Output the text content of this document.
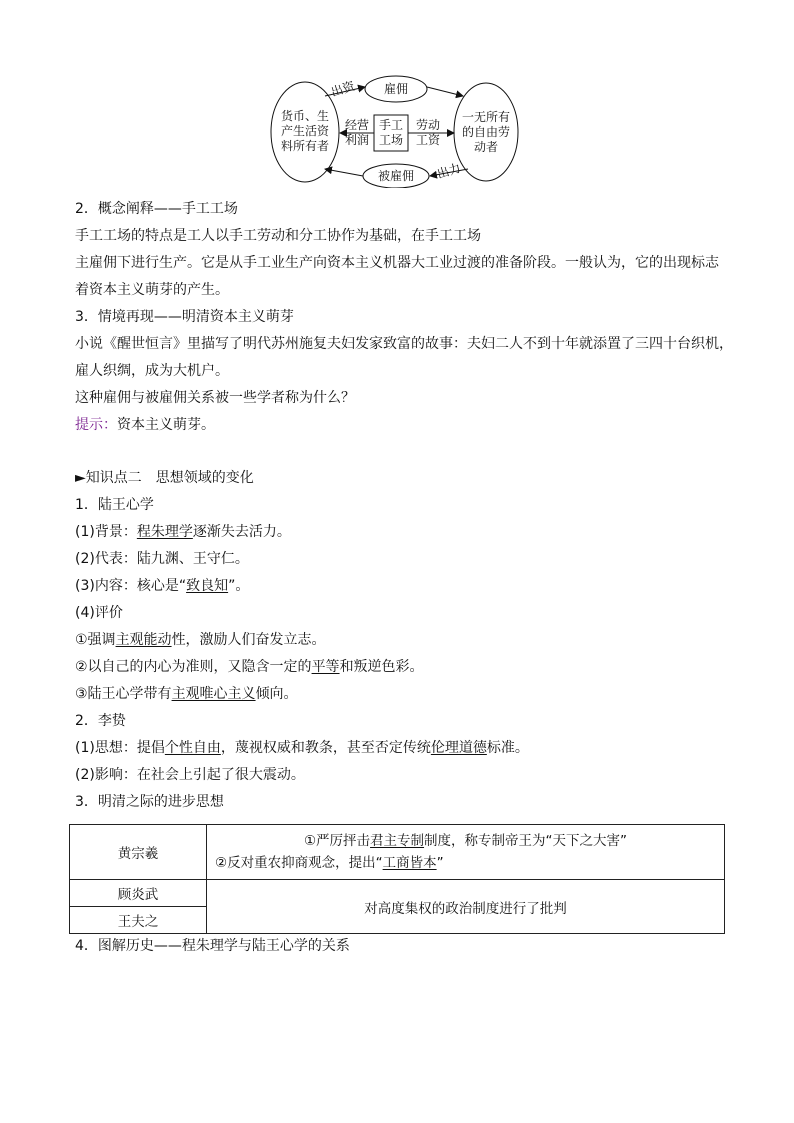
货币、生
产生活资
料所有者
一无所有
的自由劳
动者
雇佣
被雇佣
手工
工场
出资
出力
经营
利润
劳动
工资
2．概念阐释——手工工场
手工工场的特点是工人以手工劳动和分工协作为基础，在手工工场
主雇佣下进行生产。它是从手工业生产向资本主义机器大工业过渡的准备阶段。一般认为，它的出现标志
着资本主义萌芽的产生。
3．情境再现——明清资本主义萌芽
小说《醒世恒言》里描写了明代苏州施复夫妇发家致富的故事：夫妇二人不到十年就添置了三四十台织机，
雇人织绸，成为大机户。
这种雇佣与被雇佣关系被一些学者称为什么？
提示：资本主义萌芽。
►知识点二　思想领域的变化
1．陆王心学
(1)背景：程朱理学逐渐失去活力。
(2)代表：陆九渊、王守仁。
(3)内容：核心是“致良知”。
(4)评价
①强调主观能动性，激励人们奋发立志。
②以自己的内心为准则，又隐含一定的平等和叛逆色彩。
③陆王心学带有主观唯心主义倾向。
2．李贽
(1)思想：提倡个性自由，蔑视权威和教条，甚至否定传统伦理道德标准。
(2)影响：在社会上引起了很大震动。
3．明清之际的进步思想
黄宗羲	①严厉抨击君主专制制度，称专制帝王为“天下之大害”
②反对重农抑商观念，提出“工商皆本”

顾炎武	对高度集权的政治制度进行了批判
王夫之	
4．图解历史——程朱理学与陆王心学的关系
